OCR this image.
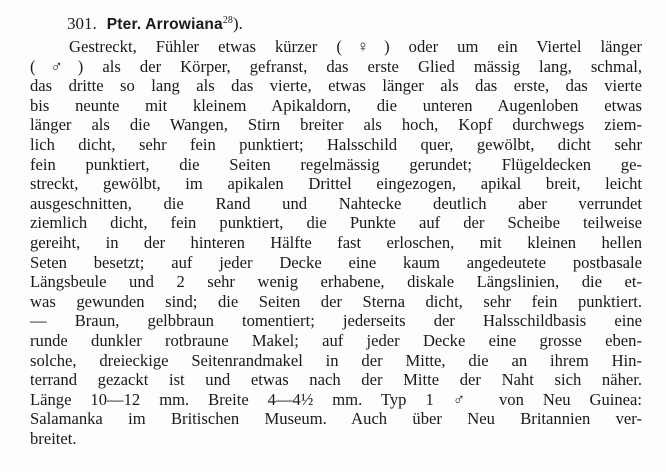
301. Pter. Arrowiana$^{28}$).
Gestreckt, Fühler etwas kürzer (♀) oder um ein Viertel länger
(♂) als der Körper, gefranst, das erste Glied mässig lang, schmal,
das dritte so lang als das vierte, etwas länger als das erste, das vierte
bis neunte mit kleinem Apikaldorn, die unteren Augenloben etwas
länger als die Wangen, Stirn breiter als hoch, Kopf durchwegs ziem-
lich dicht, sehr fein punktiert; Halsschild quer, gewölbt, dicht sehr
fein punktiert, die Seiten regelmässig gerundet; Flügeldecken ge-
streckt, gewölbt, im apikalen Drittel eingezogen, apikal breit, leicht
ausgeschnitten, die Rand und Nahtecke deutlich aber verrundet
ziemlich dicht, fein punktiert, die Punkte auf der Scheibe teilweise
gereiht, in der hinteren Hälfte fast erloschen, mit kleinen hellen
Seten besetzt; auf jeder Decke eine kaum angedeutete postbasale
Längsbeule und 2 sehr wenig erhabene, diskale Längslinien, die et-
was gewunden sind; die Seiten der Sterna dicht, sehr fein punktiert.
— Braun, gelbbraun tomentiert; jederseits der Halsschildbasis eine
runde dunkler rotbraune Makel; auf jeder Decke eine grosse eben-
solche, dreieckige Seitenrandmakel in der Mitte, die an ihrem Hin-
terrand gezackt ist und etwas nach der Mitte der Naht sich näher.
Länge 10—12 mm. Breite 4—4½ mm. Typ 1 ♂ von Neu Guinea:
Salamanka im Britischen Museum. Auch über Neu Britannien ver-
breitet.
